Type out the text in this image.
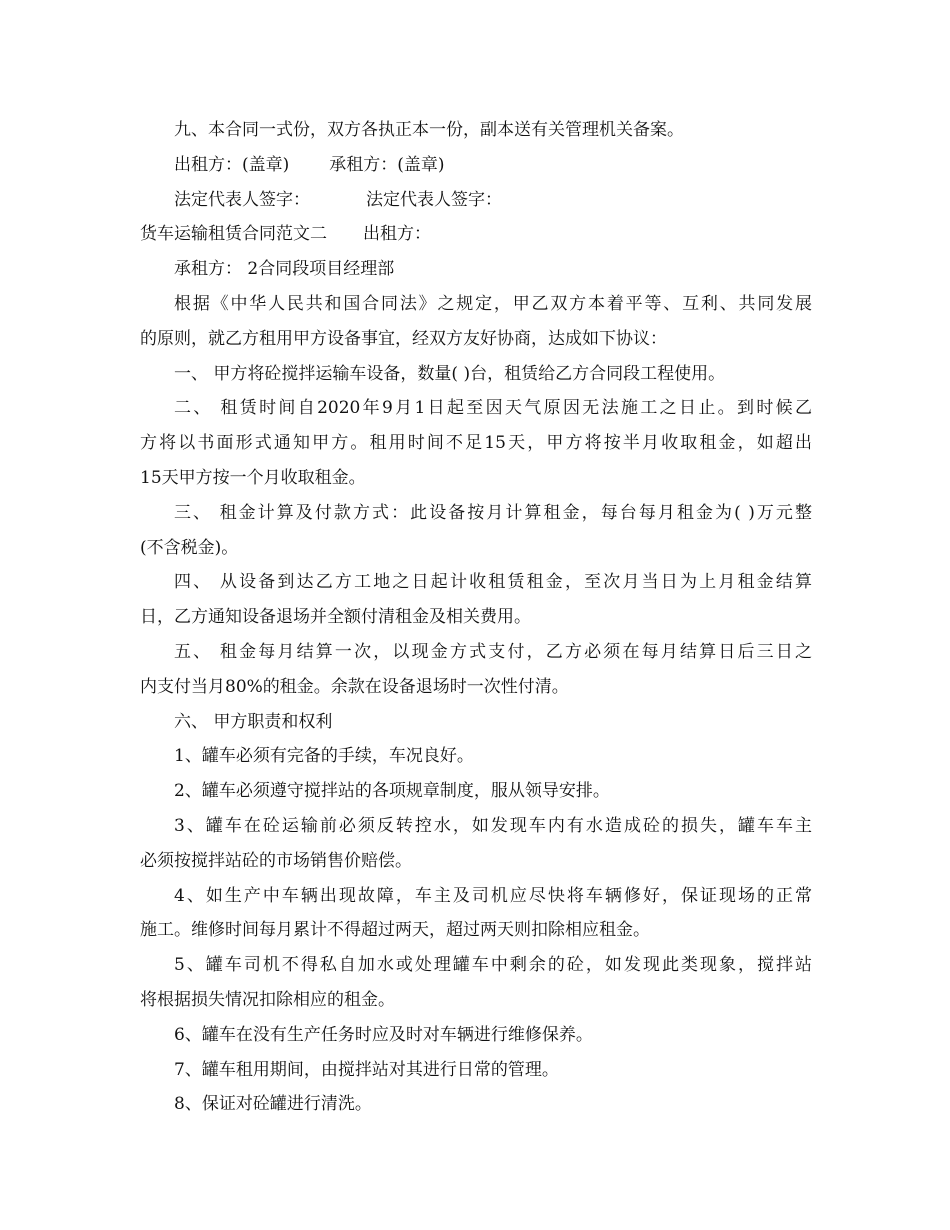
九、本合同一式份，双方各执正本一份，副本送有关管理机关备案。
出租方：(盖章) 承租方：(盖章)
法定代表人签字：	法定代表人签字：
货车运输租赁合同范文二 出租方：
承租方： 2合同段项目经理部
根据《中华人民共和国合同法》之规定，甲乙双方本着平等、互利、共同发展
的原则，就乙方租用甲方设备事宜，经双方友好协商，达成如下协议：
一、 甲方将砼搅拌运输车设备，数量( )台，租赁给乙方合同段工程使用。
二、 租赁时间自2020年9月1日起至因天气原因无法施工之日止。到时候乙
方将以书面形式通知甲方。租用时间不足15天，甲方将按半月收取租金，如超出
15天甲方按一个月收取租金。
三、 租金计算及付款方式：此设备按月计算租金，每台每月租金为( )万元整
(不含税金)。
四、 从设备到达乙方工地之日起计收租赁租金，至次月当日为上月租金结算
日，乙方通知设备退场并全额付清租金及相关费用。
五、 租金每月结算一次，以现金方式支付，乙方必须在每月结算日后三日之
内支付当月80%的租金。余款在设备退场时一次性付清。
六、 甲方职责和权利
1、罐车必须有完备的手续，车况良好。
2、罐车必须遵守搅拌站的各项规章制度，服从领导安排。
3、罐车在砼运输前必须反转控水，如发现车内有水造成砼的损失，罐车车主
必须按搅拌站砼的市场销售价赔偿。
4、如生产中车辆出现故障，车主及司机应尽快将车辆修好，保证现场的正常
施工。维修时间每月累计不得超过两天，超过两天则扣除相应租金。
5、罐车司机不得私自加水或处理罐车中剩余的砼，如发现此类现象，搅拌站
将根据损失情况扣除相应的租金。
6、罐车在没有生产任务时应及时对车辆进行维修保养。
7、罐车租用期间，由搅拌站对其进行日常的管理。
8、保证对砼罐进行清洗。
